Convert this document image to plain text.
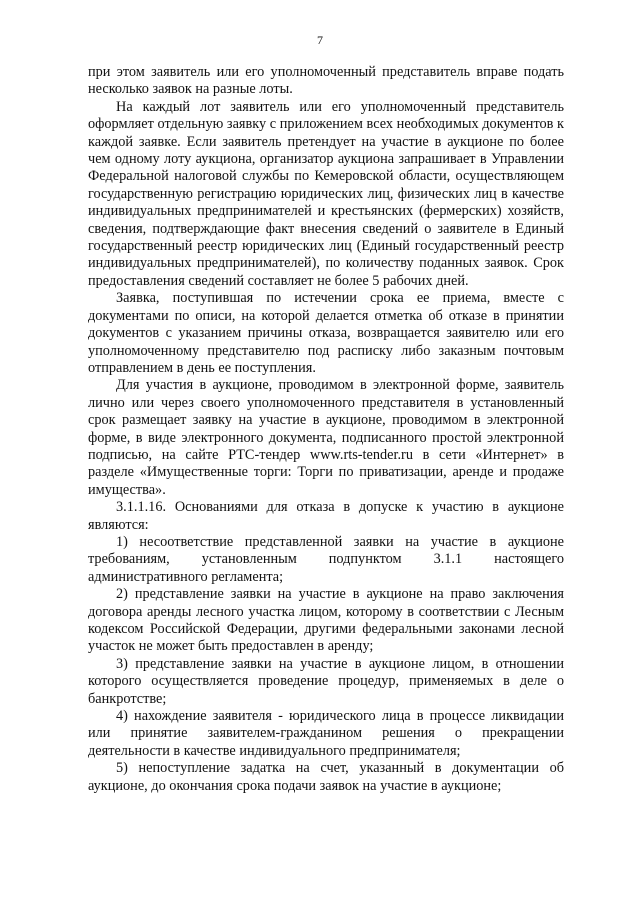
7

при этом заявитель или его уполномоченный представитель вправе подать несколько заявок на разные лоты.

На каждый лот заявитель или его уполномоченный представитель оформляет отдельную заявку с приложением всех необходимых документов к каждой заявке. Если заявитель претендует на участие в аукционе по более чем одному лоту аукциона, организатор аукциона запрашивает в Управлении Федеральной налоговой службы по Кемеровской области, осуществляющем государственную регистрацию юридических лиц, физических лиц в качестве индивидуальных предпринимателей и крестьянских (фермерских) хозяйств, сведения, подтверждающие факт внесения сведений о заявителе в Единый государственный реестр юридических лиц (Единый государственный реестр индивидуальных предпринимателей), по количеству поданных заявок. Срок предоставления сведений составляет не более 5 рабочих дней.

Заявка, поступившая по истечении срока ее приема, вместе с документами по описи, на которой делается отметка об отказе в принятии документов с указанием причины отказа, возвращается заявителю или его уполномоченному представителю под расписку либо заказным почтовым отправлением в день ее поступления.

Для участия в аукционе, проводимом в электронной форме, заявитель лично или через своего уполномоченного представителя в установленный срок размещает заявку на участие в аукционе, проводимом в электронной форме, в виде электронного документа, подписанного простой электронной подписью, на сайте РТС-тендер www.rts-tender.ru в сети «Интернет» в разделе «Имущественные торги: Торги по приватизации, аренде и продаже имущества».

3.1.1.16. Основаниями для отказа в допуске к участию в аукционе являются:

1) несоответствие представленной заявки на участие в аукционе требованиям, установленным подпунктом 3.1.1 настоящего административного регламента;

2) представление заявки на участие в аукционе на право заключения договора аренды лесного участка лицом, которому в соответствии с Лесным кодексом Российской Федерации, другими федеральными законами лесной участок не может быть предоставлен в аренду;

3) представление заявки на участие в аукционе лицом, в отношении которого осуществляется проведение процедур, применяемых в деле о банкротстве;

4) нахождение заявителя - юридического лица в процессе ликвидации или принятие заявителем-гражданином решения о прекращении деятельности в качестве индивидуального предпринимателя;

5) непоступление задатка на счет, указанный в документации об аукционе, до окончания срока подачи заявок на участие в аукционе;
